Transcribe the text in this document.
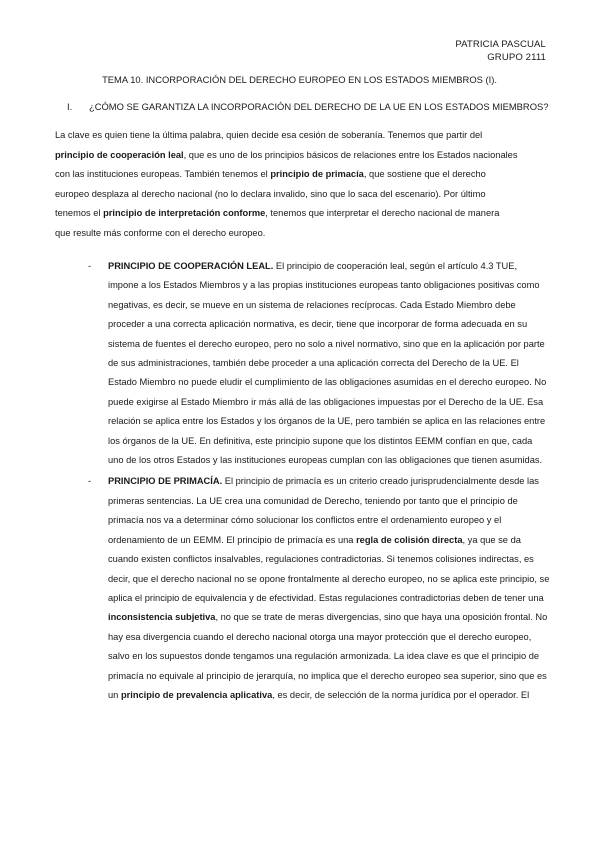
PATRICIA PASCUAL
GRUPO 2111
TEMA 10. INCORPORACIÓN DEL DERECHO EUROPEO EN LOS ESTADOS MIEMBROS (I).
I. ¿CÓMO SE GARANTIZA LA INCORPORACIÓN DEL DERECHO DE LA UE EN LOS ESTADOS MIEMBROS?
La clave es quien tiene la última palabra, quien decide esa cesión de soberanía. Tenemos que partir del
principio de cooperación leal, que es uno de los principios básicos de relaciones entre los Estados nacionales
con las instituciones europeas. También tenemos el principio de primacía, que sostiene que el derecho
europeo desplaza al derecho nacional (no lo declara invalido, sino que lo saca del escenario). Por último
tenemos el principio de interpretación conforme, tenemos que interpretar el derecho nacional de manera
que resulte más conforme con el derecho europeo.
- PRINCIPIO DE COOPERACIÓN LEAL. El principio de cooperación leal, según el artículo 4.3 TUE, impone a los Estados Miembros y a las propias instituciones europeas tanto obligaciones positivas como negativas, es decir, se mueve en un sistema de relaciones recíprocas. Cada Estado Miembro debe proceder a una correcta aplicación normativa, es decir, tiene que incorporar de forma adecuada en su sistema de fuentes el derecho europeo, pero no solo a nivel normativo, sino que en la aplicación por parte de sus administraciones, también debe proceder a una aplicación correcta del Derecho de la UE. El Estado Miembro no puede eludir el cumplimiento de las obligaciones asumidas en el derecho europeo. No puede exigirse al Estado Miembro ir más allá de las obligaciones impuestas por el Derecho de la UE. Esa relación se aplica entre los Estados y los órganos de la UE, pero también se aplica en las relaciones entre los órganos de la UE. En definitiva, este principio supone que los distintos EEMM confían en que, cada uno de los otros Estados y las instituciones europeas cumplan con las obligaciones que tienen asumidas.
- PRINCIPIO DE PRIMACÍA. El principio de primacía es un criterio creado jurisprudencialmente desde las primeras sentencias. La UE crea una comunidad de Derecho, teniendo por tanto que el principio de primacía nos va a determinar cómo solucionar los conflictos entre el ordenamiento europeo y el ordenamiento de un EEMM. El principio de primacía es una regla de colisión directa, ya que se da cuando existen conflictos insalvables, regulaciones contradictorias. Si tenemos colisiones indirectas, es decir, que el derecho nacional no se opone frontalmente al derecho europeo, no se aplica este principio, se aplica el principio de equivalencia y de efectividad. Estas regulaciones contradictorias deben de tener una inconsistencia subjetiva, no que se trate de meras divergencias, sino que haya una oposición frontal. No hay esa divergencia cuando el derecho nacional otorga una mayor protección que el derecho europeo, salvo en los supuestos donde tengamos una regulación armonizada. La idea clave es que el principio de primacía no equivale al principio de jerarquía, no implica que el derecho europeo sea superior, sino que es un principio de prevalencia aplicativa, es decir, de selección de la norma jurídica por el operador. El
